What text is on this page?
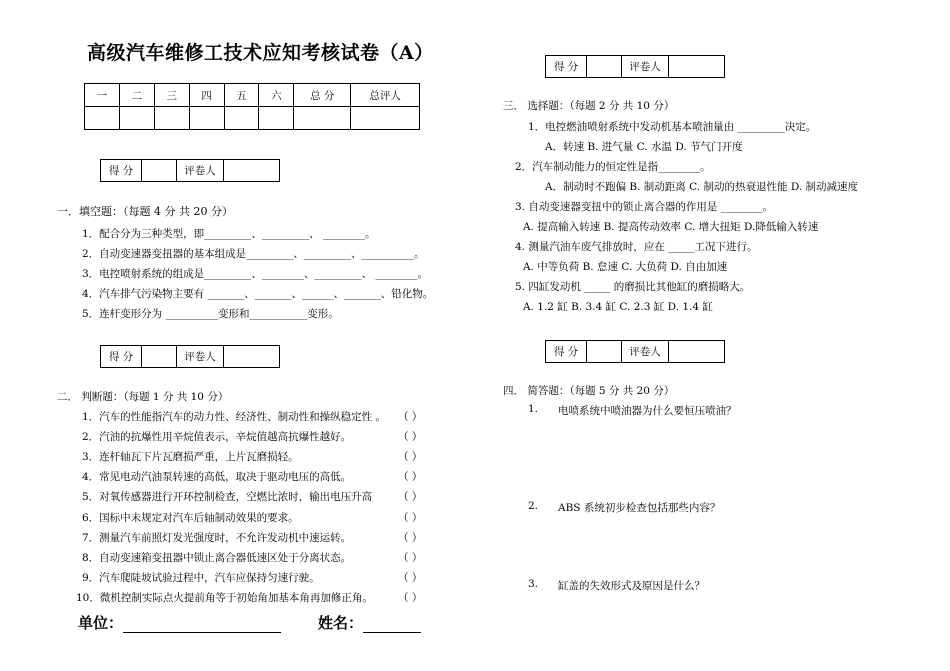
高级汽车维修工技术应知考核试卷（A）
一	二	三	四	五	六	总 分	总评人

得 分		评卷人	
一．填空题：（每题 4 分 共 20 分）
1．配合分为三种类型，即_________、_________、 ________。
2．自动变速器变扭器的基本组成是_________、_________、__________。
3．电控喷射系统的组成是_________、________、_________、 ________。
4．汽车排气污染物主要有 _______、_______、______、_______、铅化物。
5．连杆变形分为 __________变形和___________变形。
得 分		评卷人	
二． 判断题：（每题 1 分 共 10 分）
1．汽车的性能指汽车的动力性、经济性、制动性和操纵稳定性 。 （ ）
2．汽油的抗爆性用辛烷值表示，辛烷值越高抗爆性越好。	（ ）
3．连杆轴瓦下片瓦磨损严重，上片瓦磨损轻。	（ ）
4．常见电动汽油泵转速的高低，取决于驱动电压的高低。	（ ）
5．对氧传感器进行开环控制检查，空燃比浓时，输出电压升高 （ ）
6．国标中未规定对汽车后轴制动效果的要求。	（ ）
7．测量汽车前照灯发光强度时，不允许发动机中速运转。	（ ）
8．自动变速箱变扭器中锁止离合器低速区处于分离状态。	（ ）
9．汽车爬陡坡试验过程中，汽车应保持匀速行驶。	（ ）
10．微机控制实际点火提前角等于初始角加基本角再加修正角。 （ ）
单位：	姓名：
得 分		评卷人	
三． 选择题：（每题 2 分 共 10 分）
1．电控燃油喷射系统中发动机基本喷油量由 _________决定。
A．转速 B. 进气量 C. 水温 D. 节气门开度
2．汽车制动能力的恒定性是指________。
A．制动时不跑偏 B. 制动距离 C. 制动的热衰退性能 D. 制动减速度
3. 自动变速器变扭中的锁止离合器的作用是 ________。
A. 提高输入转速 B. 提高传动效率 C. 增大扭矩 D.降低输入转速
4. 测量汽油车废气排放时，应在 _____工况下进行。
A. 中等负荷 B. 怠速 C. 大负荷 D. 自由加速
5. 四缸发动机 _____ 的磨损比其他缸的磨损略大。
A. 1.2 缸 B. 3.4 缸 C. 2.3 缸 D. 1.4 缸
得 分		评卷人	
四． 简答题：（每题 5 分 共 20 分）
1. 电喷系统中喷油器为什么要恒压喷油？
2. ABS 系统初步检查包括那些内容？
3. 缸盖的失效形式及原因是什么？
